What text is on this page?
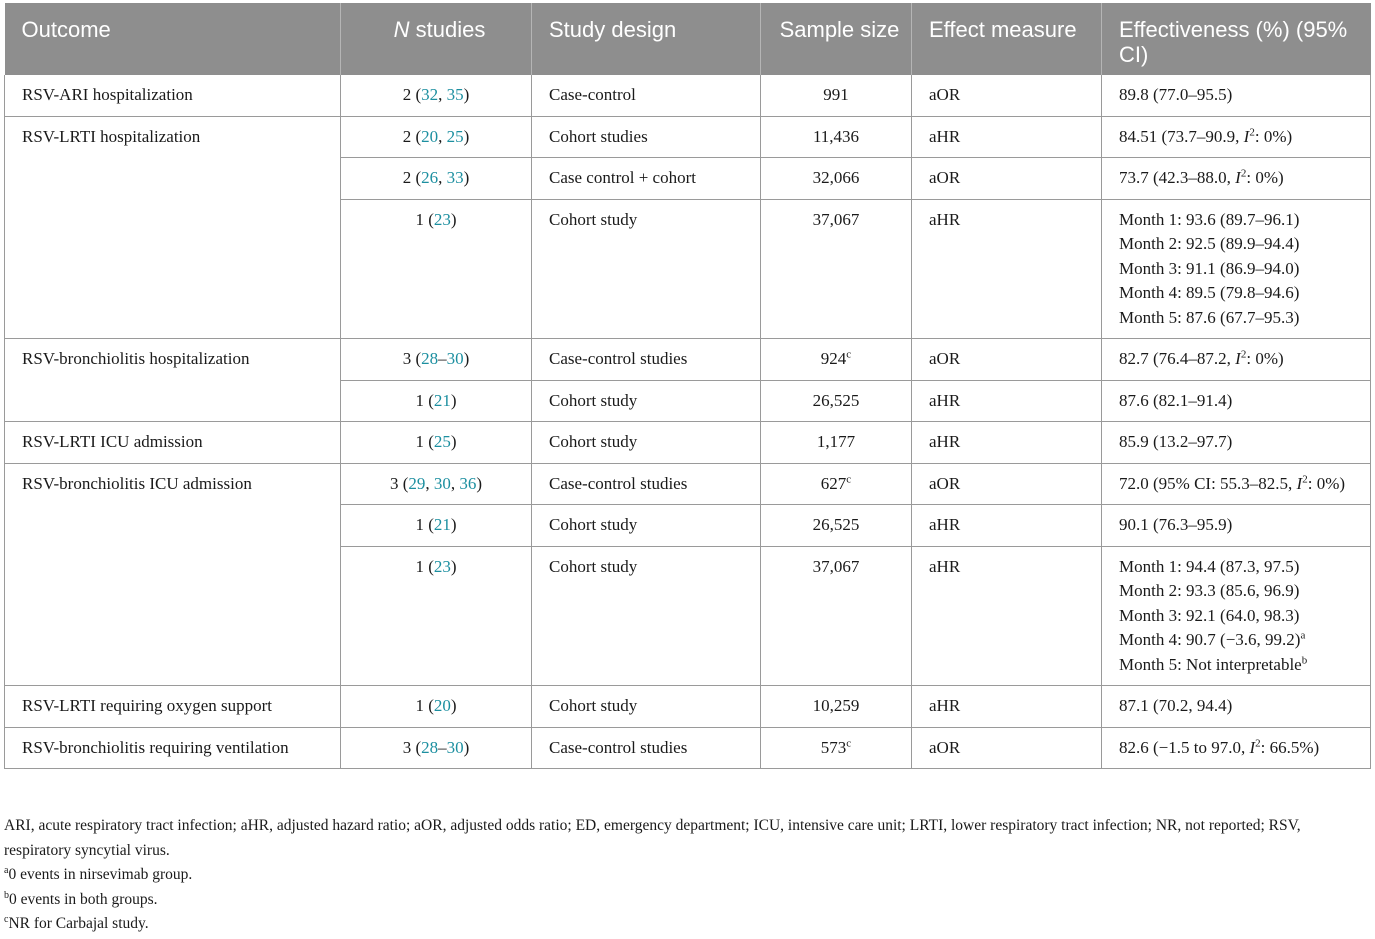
Outcome	N studies	Study design	Sample size	Effect measure	Effectiveness (%) (95% CI)
RSV-ARI hospitalization	2 (32, 35)	Case-control	991	aOR	89.8 (77.0–95.5)
RSV-LRTI hospitalization	2 (20, 25)	Cohort studies	11,436	aHR	84.51 (73.7–90.9, $I^2$: 0%)
	2 (26, 33)	Case control + cohort	32,066	aOR	73.7 (42.3–88.0, $I^2$: 0%)
	1 (23)	Cohort study	37,067	aHR	Month 1: 93.6 (89.7–96.1)
Month 2: 92.5 (89.9–94.4)
Month 3: 91.1 (86.9–94.0)
Month 4: 89.5 (79.8–94.6)
Month 5: 87.6 (67.7–95.3)

RSV-bronchiolitis hospitalization	3 (28–30)	Case-control studies	924$^c$	aOR	82.7 (76.4–87.2, $I^2$: 0%)
	1 (21)	Cohort study	26,525	aHR	87.6 (82.1–91.4)
RSV-LRTI ICU admission	1 (25)	Cohort study	1,177	aHR	85.9 (13.2–97.7)
RSV-bronchiolitis ICU admission	3 (29, 30, 36)	Case-control studies	627$^c$	aOR	72.0 (95% CI: 55.3–82.5, $I^2$: 0%)
	1 (21)	Cohort study	26,525	aHR	90.1 (76.3–95.9)
	1 (23)	Cohort study	37,067	aHR	Month 1: 94.4 (87.3, 97.5)
Month 2: 93.3 (85.6, 96.9)
Month 3: 92.1 (64.0, 98.3)
Month 4: 90.7 (−3.6, 99.2)$^a$
Month 5: Not interpretable$^b$

RSV-LRTI requiring oxygen support	1 (20)	Cohort study	10,259	aHR	87.1 (70.2, 94.4)
RSV-bronchiolitis requiring ventilation	3 (28–30)	Case-control studies	573$^c$	aOR	82.6 (−1.5 to 97.0, $I^2$: 66.5%)
ARI, acute respiratory tract infection; aHR, adjusted hazard ratio; aOR, adjusted odds ratio; ED, emergency department; ICU, intensive care unit; LRTI, lower respiratory tract infection; NR, not reported; RSV, respiratory syncytial virus.
$^a$0 events in nirsevimab group.
$^b$0 events in both groups.
$^c$NR for Carbajal study.
